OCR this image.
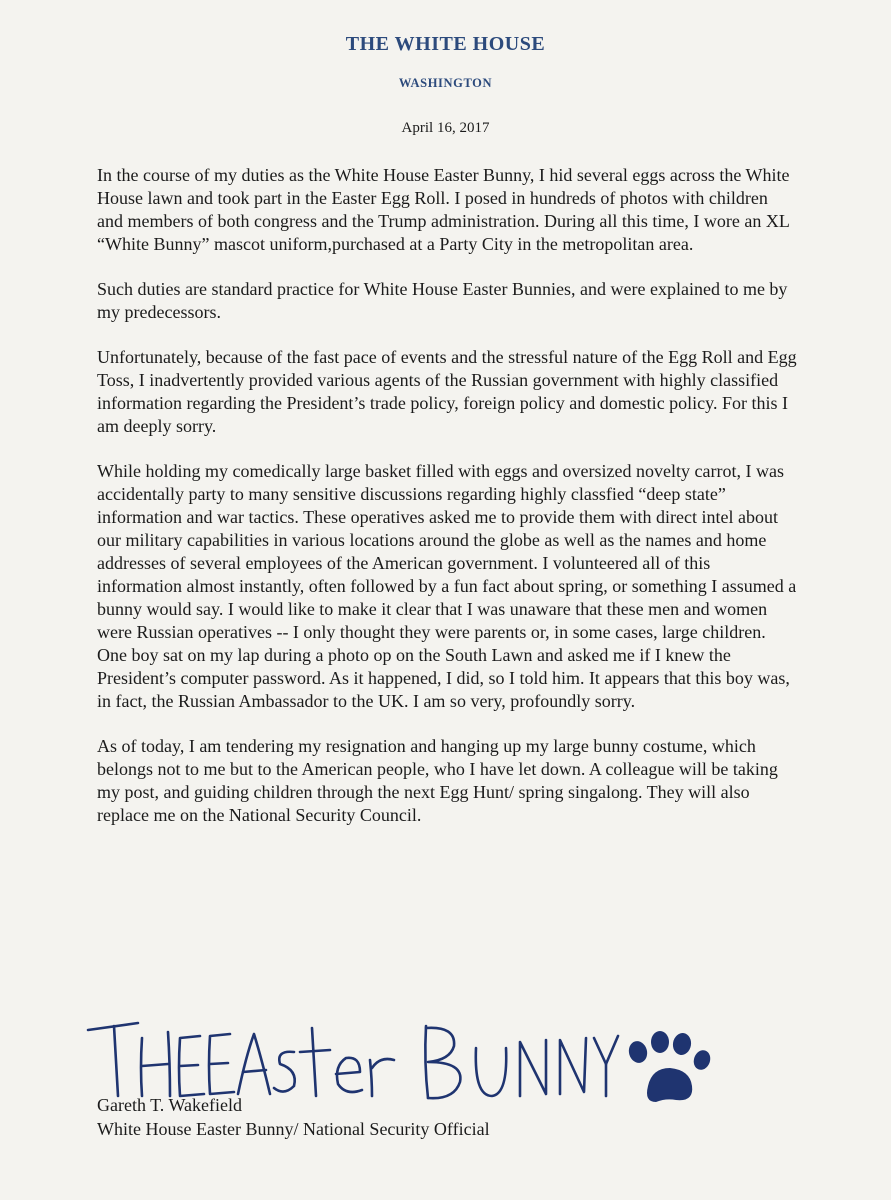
THE WHITE HOUSE
WASHINGTON
April 16, 2017

In the course of my duties as the White House Easter Bunny, I hid several eggs across the White House lawn and took part in the Easter Egg Roll. I posed in hundreds of photos with children and members of both congress and the Trump administration. During all this time, I wore an XL “White Bunny” mascot uniform,purchased at a Party City in the metropolitan area.

Such duties are standard practice for White House Easter Bunnies, and were explained to me by my predecessors.

Unfortunately, because of the fast pace of events and the stressful nature of the Egg Roll and Egg Toss, I inadvertently provided various agents of the Russian government with highly classified information regarding the President’s trade policy, foreign policy and domestic policy. For this I am deeply sorry.

While holding my comedically large basket filled with eggs and oversized novelty carrot, I was accidentally party to many sensitive discussions regarding highly classfied “deep state” information and war tactics. These operatives asked me to provide them with direct intel about our military capabilities in various locations around the globe as well as the names and home addresses of several employees of the American government. I volunteered all of this information almost instantly, often followed by a fun fact about spring, or something I assumed a bunny would say. I would like to make it clear that I was unaware that these men and women were Russian operatives -- I only thought they were parents or, in some cases, large children. One boy sat on my lap during a photo op on the South Lawn and asked me if I knew the President’s computer password. As it happened, I did, so I told him. It appears that this boy was, in fact, the Russian Ambassador to the UK. I am so very, profoundly sorry.

As of today, I am tendering my resignation and hanging up my large bunny costume, which belongs not to me but to the American people, who I have let down. A colleague will be taking my post, and guiding children through the next Egg Hunt/ spring singalong. They will also replace me on the National Security Council.

Gareth T. Wakefield
White House Easter Bunny/ National Security Official
